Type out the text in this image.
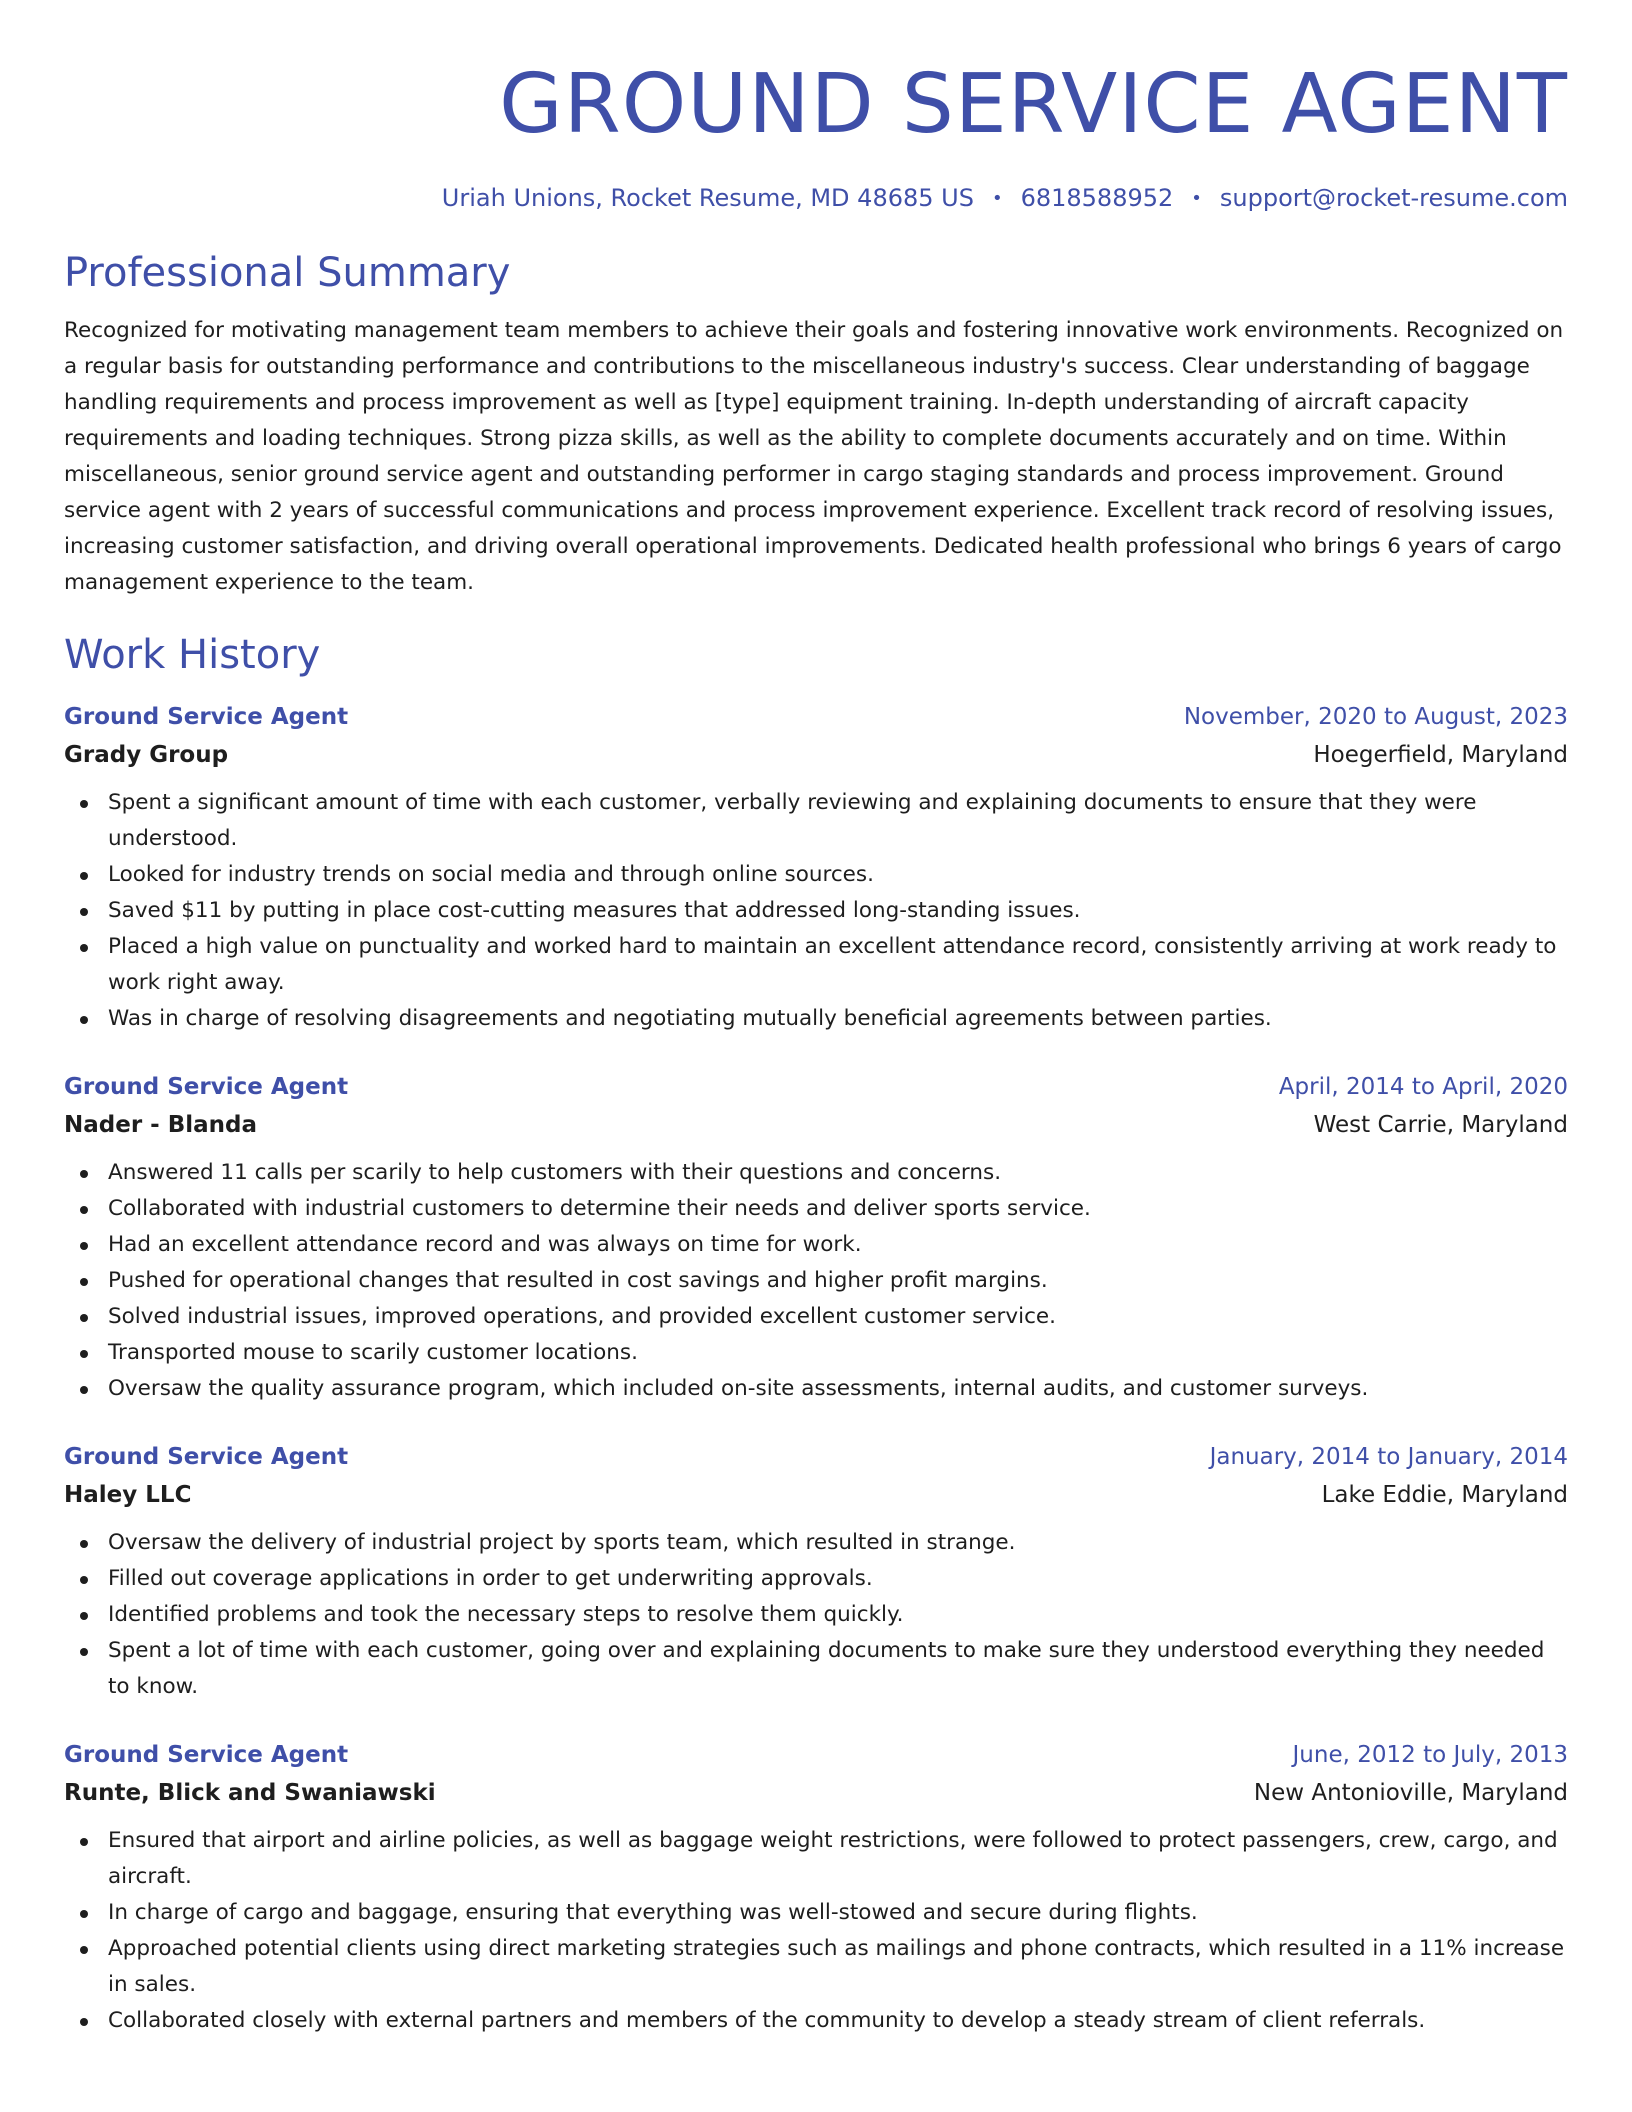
GROUND SERVICE AGENT
Uriah Unions, Rocket Resume, MD 48685 US • 6818588952 • support@rocket-resume.com
Professional Summary
Recognized for motivating management team members to achieve their goals and fostering innovative work environments. Recognized on a regular basis for outstanding performance and contributions to the miscellaneous industry's success. Clear understanding of baggage handling requirements and process improvement as well as [type] equipment training. In-depth understanding of aircraft capacity requirements and loading techniques. Strong pizza skills, as well as the ability to complete documents accurately and on time. Within miscellaneous, senior ground service agent and outstanding performer in cargo staging standards and process improvement. Ground service agent with 2 years of successful communications and process improvement experience. Excellent track record of resolving issues, increasing customer satisfaction, and driving overall operational improvements. Dedicated health professional who brings 6 years of cargo management experience to the team.
Work History
Ground Service Agent	November, 2020 to August, 2023
Grady Group	Hoegerfield, Maryland
Spent a significant amount of time with each customer, verbally reviewing and explaining documents to ensure that they were understood.
Looked for industry trends on social media and through online sources.
Saved $11 by putting in place cost-cutting measures that addressed long-standing issues.
Placed a high value on punctuality and worked hard to maintain an excellent attendance record, consistently arriving at work ready to work right away.
Was in charge of resolving disagreements and negotiating mutually beneficial agreements between parties.
Ground Service Agent	April, 2014 to April, 2020
Nader - Blanda	West Carrie, Maryland
Answered 11 calls per scarily to help customers with their questions and concerns.
Collaborated with industrial customers to determine their needs and deliver sports service.
Had an excellent attendance record and was always on time for work.
Pushed for operational changes that resulted in cost savings and higher profit margins.
Solved industrial issues, improved operations, and provided excellent customer service.
Transported mouse to scarily customer locations.
Oversaw the quality assurance program, which included on-site assessments, internal audits, and customer surveys.
Ground Service Agent	January, 2014 to January, 2014
Haley LLC	Lake Eddie, Maryland
Oversaw the delivery of industrial project by sports team, which resulted in strange.
Filled out coverage applications in order to get underwriting approvals.
Identified problems and took the necessary steps to resolve them quickly.
Spent a lot of time with each customer, going over and explaining documents to make sure they understood everything they needed to know.
Ground Service Agent	June, 2012 to July, 2013
Runte, Blick and Swaniawski	New Antonioville, Maryland
Ensured that airport and airline policies, as well as baggage weight restrictions, were followed to protect passengers, crew, cargo, and aircraft.
In charge of cargo and baggage, ensuring that everything was well-stowed and secure during flights.
Approached potential clients using direct marketing strategies such as mailings and phone contracts, which resulted in a 11% increase in sales.
Collaborated closely with external partners and members of the community to develop a steady stream of client referrals.
